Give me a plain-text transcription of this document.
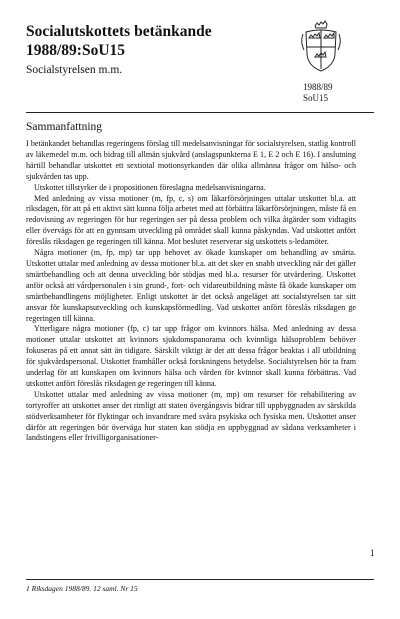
Socialutskottets betänkande
1988/89:SoU15
Socialstyrelsen m.m.
1988/89
SoU15
Sammanfattning

I betänkandet behandlas regeringens förslag till medelsanvisningar för socialstyrelsen, statlig kontroll av läkemedel m.m. och bidrag till allmän sjukvård (anslagspunkterna E 1, E 2 och E 16). I anslutning härtill behandlar utskottet ett sextiotal motionsyrkanden där olika allmänna frågor om hälso- och sjukvården tas upp.

Utskottet tillstyrker de i propositionen föreslagna medelsanvisningarna.

Med anledning av vissa motioner (m, fp, c, s) om läkarförsörjningen uttalar utskottet bl.a. att riksdagen, för att på ett aktivt sätt kunna följa arbetet med att förbättra läkarförsörjningen, måste få en redovisning av regeringen för hur regeringen ser på dessa problem och vilka åtgärder som vidtagits eller övervägs för att en gynnsam utveckling på området skall kunna påskyndas. Vad utskottet anfört föreslås riksdagen ge regeringen till känna. Mot beslutet reserverar sig utskottets s-ledamöter.

Några motioner (m, fp, mp) tar upp behovet av ökade kunskaper om behandling av smärta. Utskottet uttalar med anledning av dessa motioner bl.a. att det sker en snabb utveckling när det gäller smärtbehandling och att denna utveckling bör stödjas med bl.a. resurser för utvärdering. Utskottet anför också att vårdpersonalen i sin grund-, fort- och vidareutbildning måste få ökade kunskaper om smärtbehandlingens möjligheter. Enligt utskottet är det också angeläget att socialstyrelsen tar sitt ansvar för kunskapsutveckling och kunskapsförmedling. Vad utskottet anfört föreslås riksdagen ge regeringen till känna.

Ytterligare några motioner (fp, c) tar upp frågor om kvinnors hälsa. Med anledning av dessa motioner uttalar utskottet att kvinnors sjukdomspanorama och kvinnliga hälsoproblem behöver fokuseras på ett annat sätt än tidigare. Särskilt viktigt är det att dessa frågor beaktas i all utbildning för sjukvårdspersonal. Utskottet framhåller också forskningens betydelse. Socialstyrelsen bör ta fram underlag för att kunskapen om kvinnors hälsa och vården för kvinnor skall kunna förbättras. Vad utskottet anfört föreslås riksdagen ge regeringen till känna.

Utskottet uttalar med anledning av vissa motioner (m, mp) om resurser för rehabilitering av tortyroffer att utskottet anser det rimligt att staten övergångsvis bidrar till uppbyggnaden av särskilda stödverksamheter för flyktingar och invandrare med svåra psykiska och fysiska men. Utskottet anser därför att regeringen bör överväga hur staten kan stödja en uppbyggnad av sådana verksamheter i landstingens eller frivilligorganisationer-

1
1 Riksdagen 1988/89. 12 saml. Nr 15
